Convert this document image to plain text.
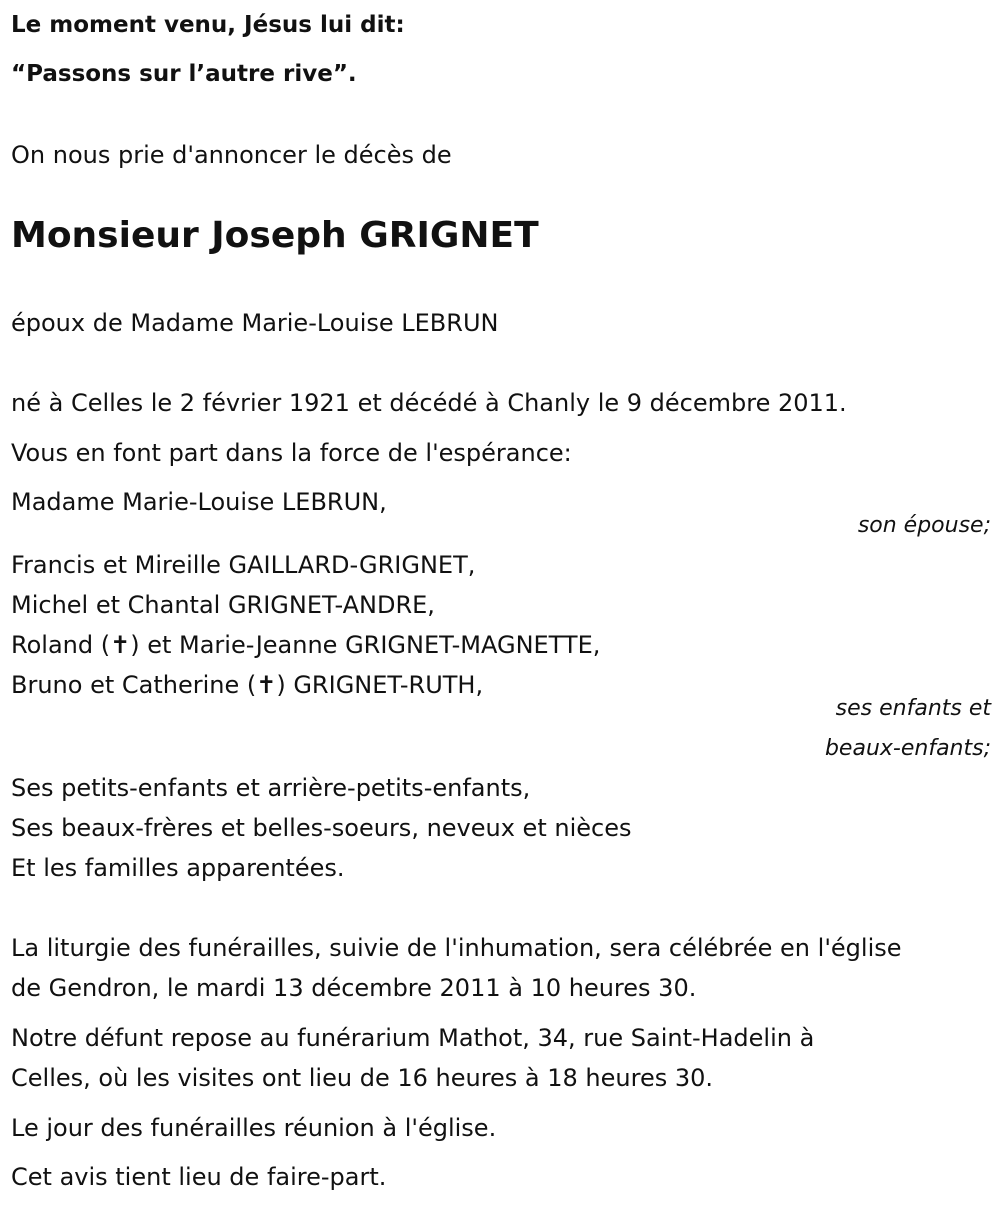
Le moment venu, Jésus lui dit:
“Passons sur l’autre rive”.
On nous prie d'annoncer le décès de
Monsieur Joseph GRIGNET
époux de Madame Marie-Louise LEBRUN
né à Celles le 2 février 1921 et décédé à Chanly le 9 décembre 2011.
Vous en font part dans la force de l'espérance:
Madame Marie-Louise LEBRUN,
son épouse;
Francis et Mireille GAILLARD-GRIGNET,
Michel et Chantal GRIGNET-ANDRE,
Roland (✝) et Marie-Jeanne GRIGNET-MAGNETTE,
Bruno et Catherine (✝) GRIGNET-RUTH,
ses enfants et
beaux-enfants;
Ses petits-enfants et arrière-petits-enfants,
Ses beaux-frères et belles-soeurs, neveux et nièces
Et les familles apparentées.
La liturgie des funérailles, suivie de l'inhumation, sera célébrée en l'église
de Gendron, le mardi 13 décembre 2011 à 10 heures 30.
Notre défunt repose au funérarium Mathot, 34, rue Saint-Hadelin à
Celles, où les visites ont lieu de 16 heures à 18 heures 30.
Le jour des funérailles réunion à l'église.
Cet avis tient lieu de faire-part.
